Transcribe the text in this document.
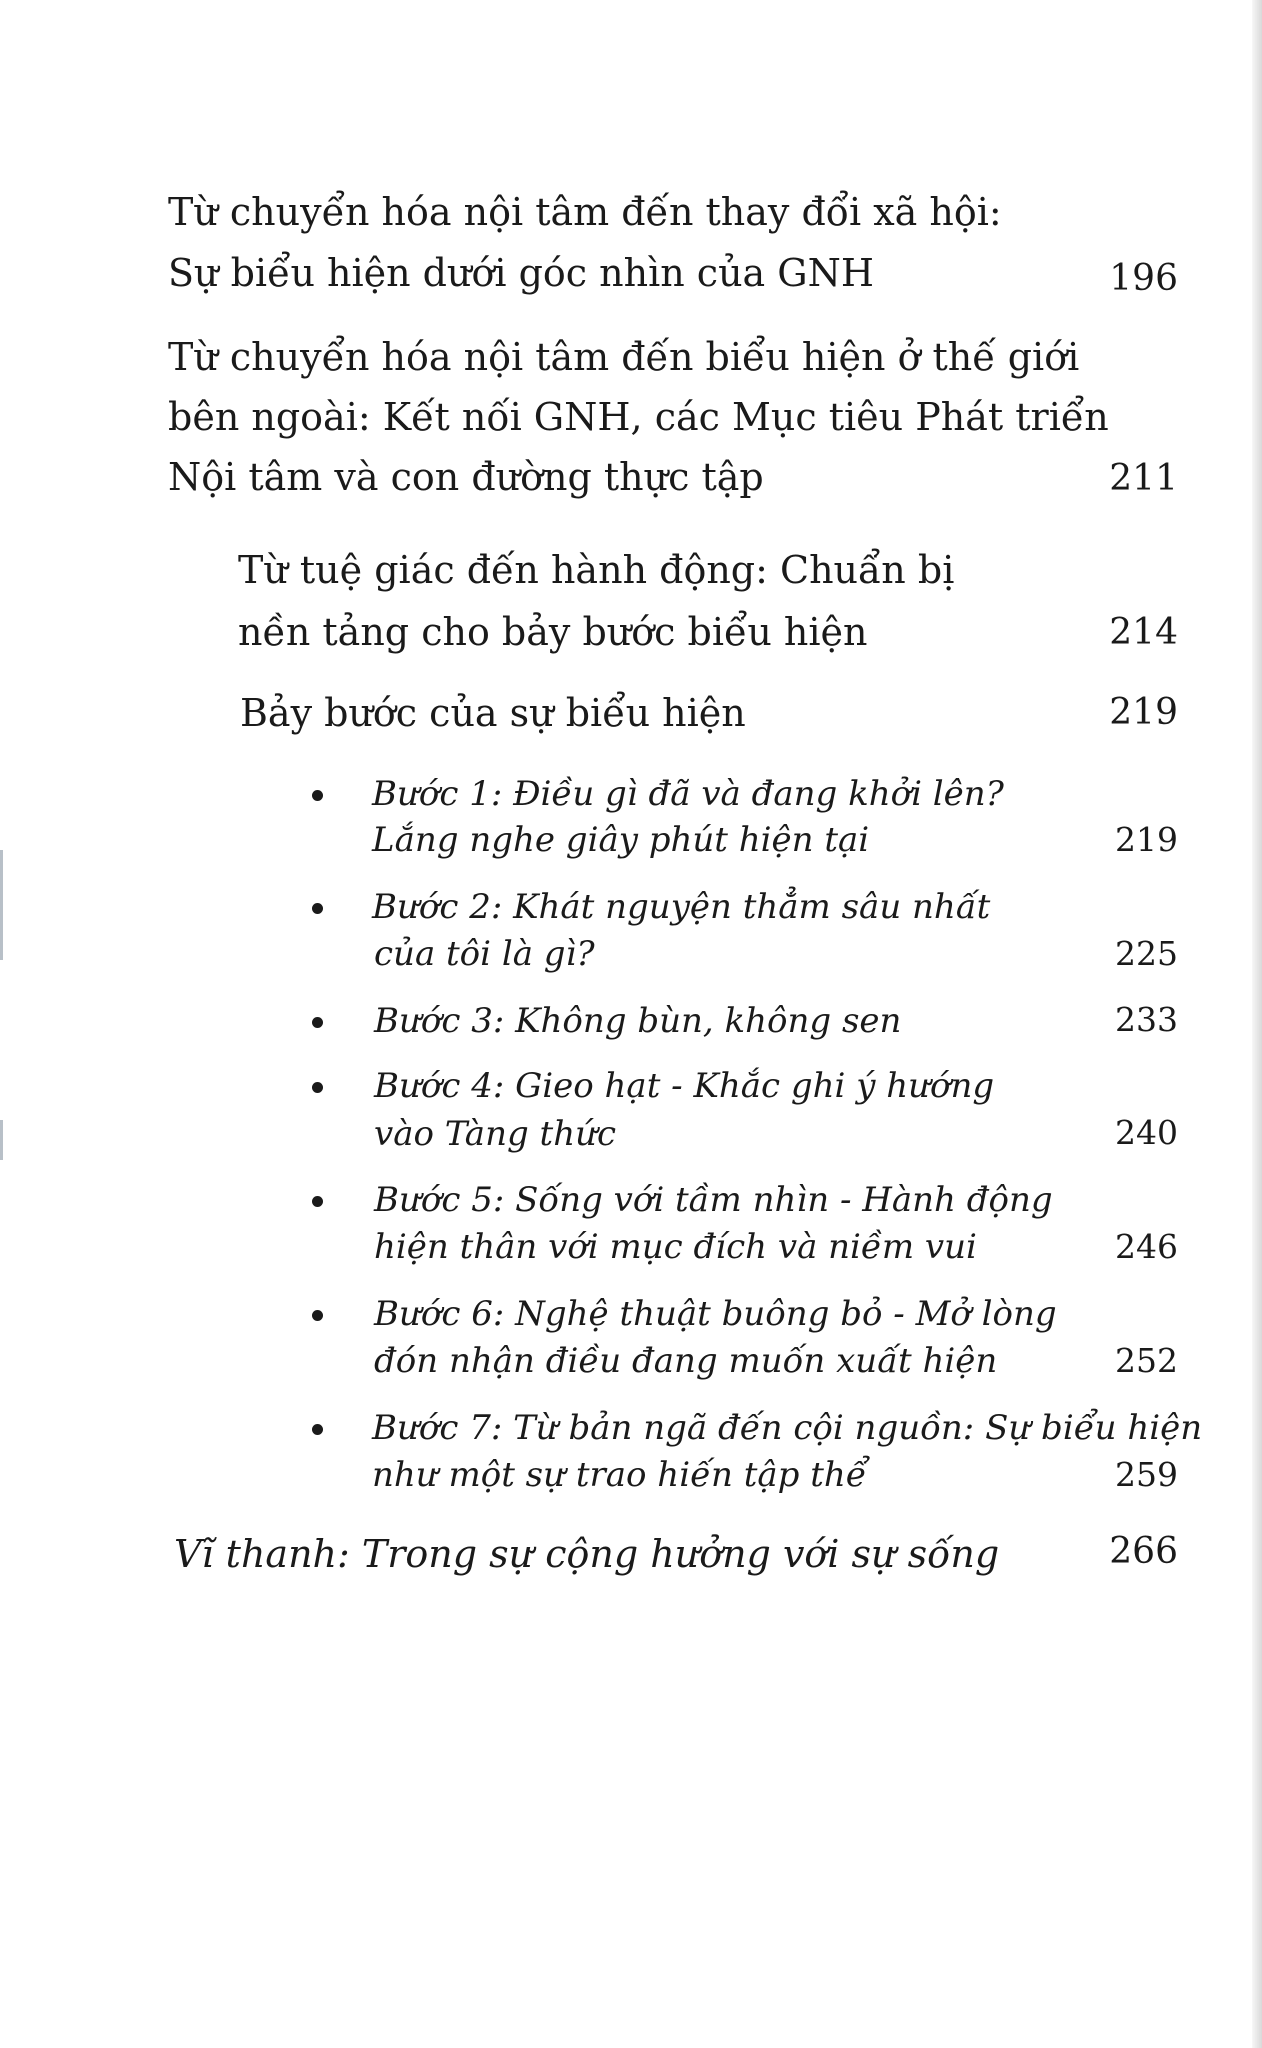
Từ chuyển hóa nội tâm đến thay đổi xã hội:
Sự biểu hiện dưới góc nhìn của GNH	196
Từ chuyển hóa nội tâm đến biểu hiện ở thế giới
bên ngoài: Kết nối GNH, các Mục tiêu Phát triển
Nội tâm và con đường thực tập	211
Từ tuệ giác đến hành động: Chuẩn bị
nền tảng cho bảy bước biểu hiện	214
Bảy bước của sự biểu hiện	219
Bước 1: Điều gì đã và đang khởi lên?
Lắng nghe giây phút hiện tại	219
Bước 2: Khát nguyện thẳm sâu nhất
của tôi là gì?	225
Bước 3: Không bùn, không sen	233
Bước 4: Gieo hạt - Khắc ghi ý hướng
vào Tàng thức	240
Bước 5: Sống với tầm nhìn - Hành động
hiện thân với mục đích và niềm vui	246
Bước 6: Nghệ thuật buông bỏ - Mở lòng
đón nhận điều đang muốn xuất hiện	252
Bước 7: Từ bản ngã đến cội nguồn: Sự biểu hiện
như một sự trao hiến tập thể	259
Vĩ thanh: Trong sự cộng hưởng với sự sống	266
